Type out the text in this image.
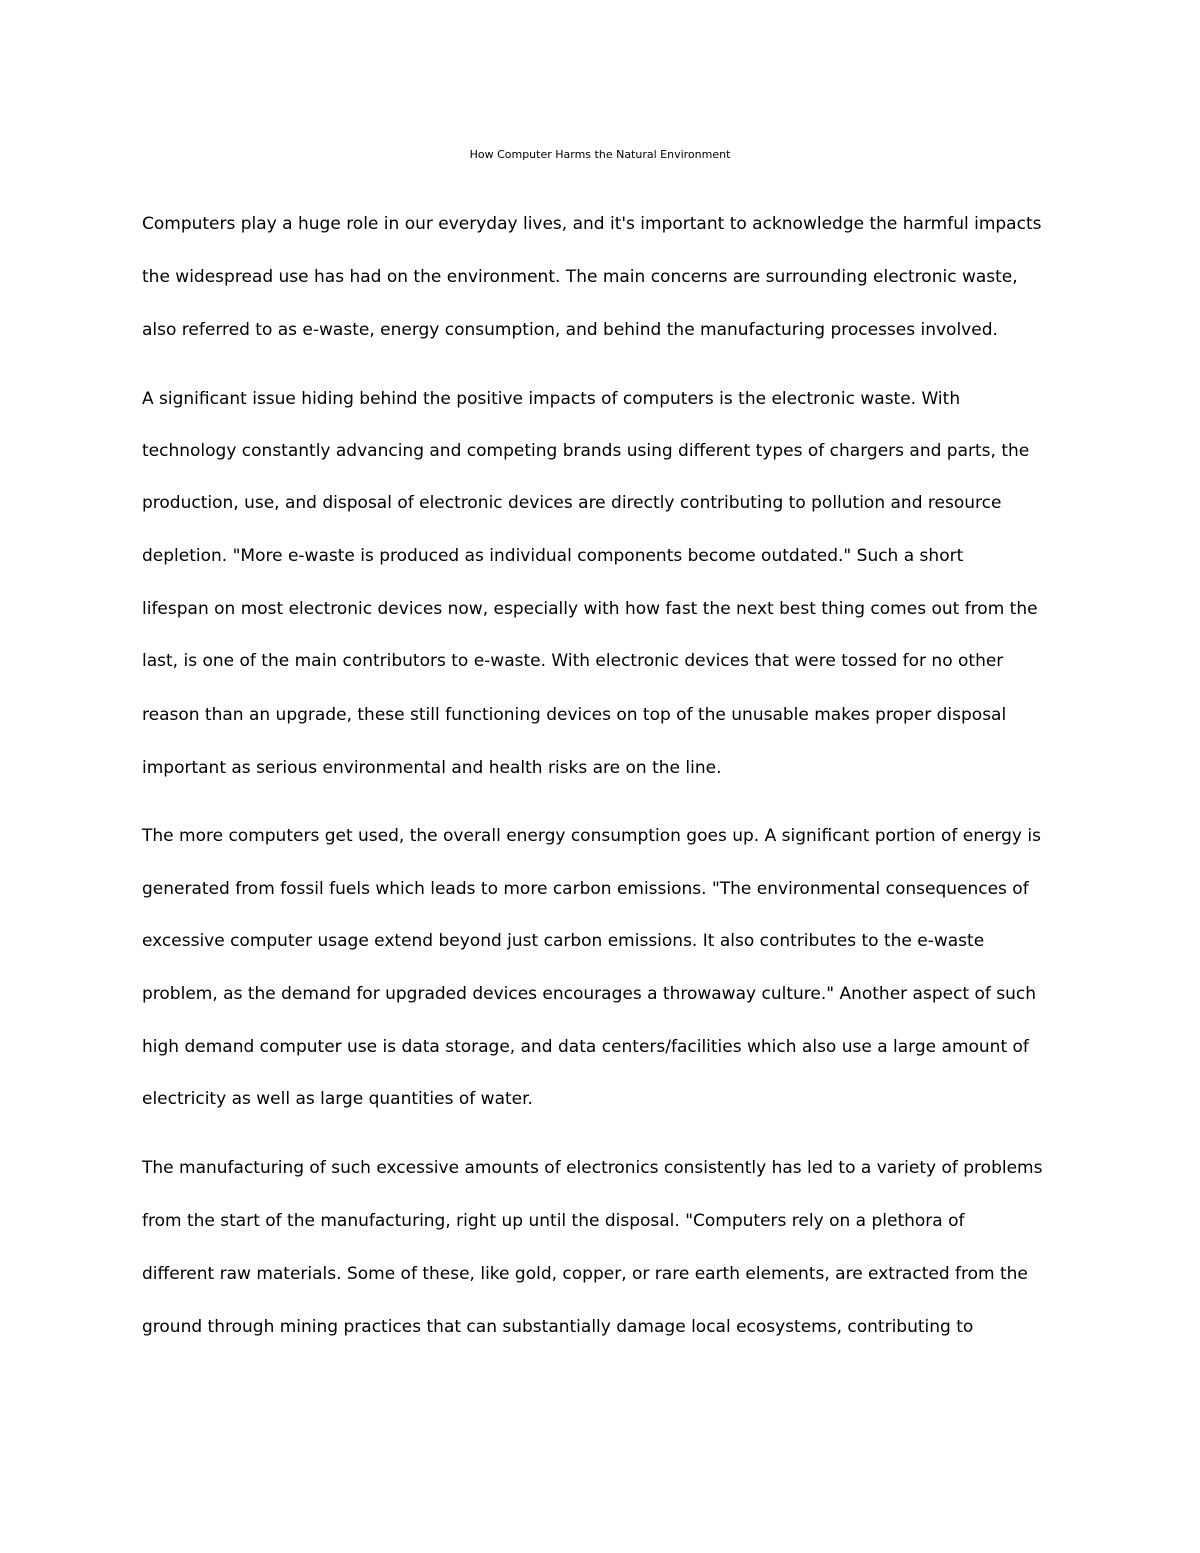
How Computer Harms the Natural Environment
Computers play a huge role in our everyday lives, and it's important to acknowledge the harmful impacts
the widespread use has had on the environment. The main concerns are surrounding electronic waste,
also referred to as e-waste, energy consumption, and behind the manufacturing processes involved.
A significant issue hiding behind the positive impacts of computers is the electronic waste. With
technology constantly advancing and competing brands using different types of chargers and parts, the
production, use, and disposal of electronic devices are directly contributing to pollution and resource
depletion. "More e-waste is produced as individual components become outdated." Such a short
lifespan on most electronic devices now, especially with how fast the next best thing comes out from the
last, is one of the main contributors to e-waste. With electronic devices that were tossed for no other
reason than an upgrade, these still functioning devices on top of the unusable makes proper disposal
important as serious environmental and health risks are on the line.
The more computers get used, the overall energy consumption goes up. A significant portion of energy is
generated from fossil fuels which leads to more carbon emissions. "The environmental consequences of
excessive computer usage extend beyond just carbon emissions. It also contributes to the e-waste
problem, as the demand for upgraded devices encourages a throwaway culture." Another aspect of such
high demand computer use is data storage, and data centers/facilities which also use a large amount of
electricity as well as large quantities of water.
The manufacturing of such excessive amounts of electronics consistently has led to a variety of problems
from the start of the manufacturing, right up until the disposal. "Computers rely on a plethora of
different raw materials. Some of these, like gold, copper, or rare earth elements, are extracted from the
ground through mining practices that can substantially damage local ecosystems, contributing to
